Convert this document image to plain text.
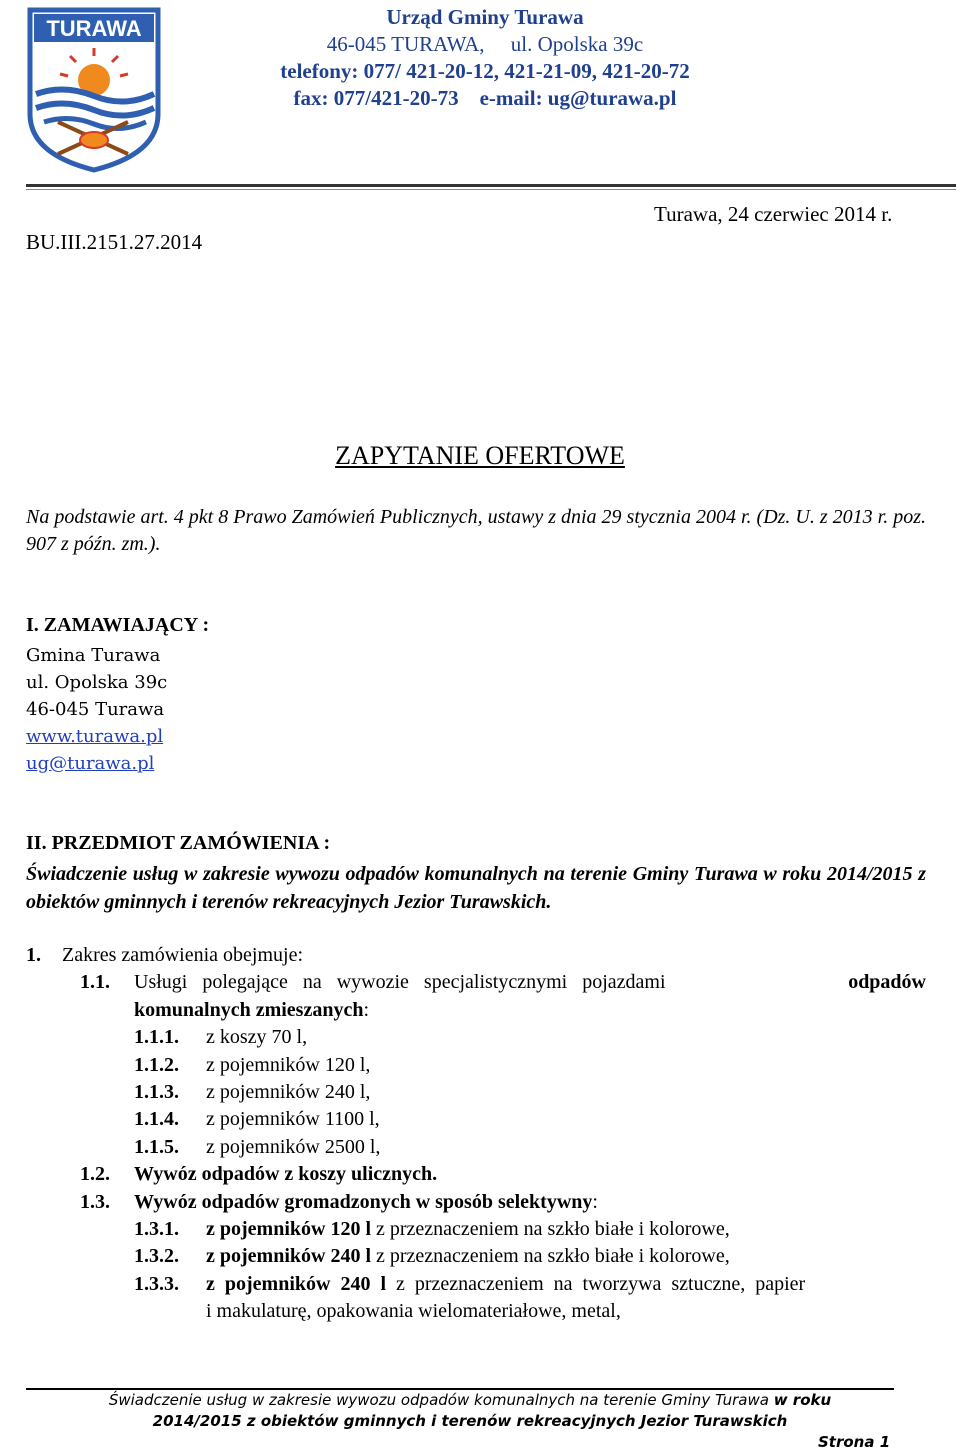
TURAWA	Urząd Gminy Turawa
46-045 TURAWA,     ul. Opolska 39c
telefony: 077/ 421-20-12, 421-21-09, 421-20-72
fax: 077/421-20-73    e-mail: ug@turawa.pl
BU.III.2151.27.2014
Turawa, 24 czerwiec 2014 r.
ZAPYTANIE OFERTOWE
Na podstawie art. 4 pkt 8 Prawo Zamówień Publicznych, ustawy z dnia 29 stycznia 2004 r. (Dz. U. z 2013 r. poz. 907 z późn. zm.).
I. ZAMAWIAJĄCY :
Gmina Turawa
ul. Opolska 39c
46-045 Turawa
www.turawa.pl
ug@turawa.pl
II. PRZEDMIOT ZAMÓWIENIA :
Świadczenie usług w zakresie wywozu odpadów komunalnych na terenie Gminy Turawa w roku 2014/2015 z obiektów gminnych i terenów rekreacyjnych Jezior Turawskich.
1. Zakres zamówienia obejmuje:
1.1. Usługi   polegające   na   wywozie   specjalistycznymi   pojazdami	odpadów
komunalnych zmieszanych:
1.1.1. z koszy 70 l,
1.1.2. z pojemników 120 l,
1.1.3. z pojemników 240 l,
1.1.4. z pojemników 1100 l,
1.1.5. z pojemników 2500 l,
1.2. Wywóz odpadów z koszy ulicznych.
1.3. Wywóz odpadów gromadzonych w sposób selektywny:
1.3.1. z pojemników 120 l z przeznaczeniem na szkło białe i kolorowe,
1.3.2. z pojemników 240 l z przeznaczeniem na szkło białe i kolorowe,
1.3.3. z  pojemników  240  l  z  przeznaczeniem  na  tworzywa  sztuczne,  papier
i makulaturę, opakowania wielomateriałowe, metal,
Świadczenie usług w zakresie wywozu odpadów komunalnych na terenie Gminy Turawa w roku
2014/2015 z obiektów gminnych i terenów rekreacyjnych Jezior Turawskich
Strona 1
